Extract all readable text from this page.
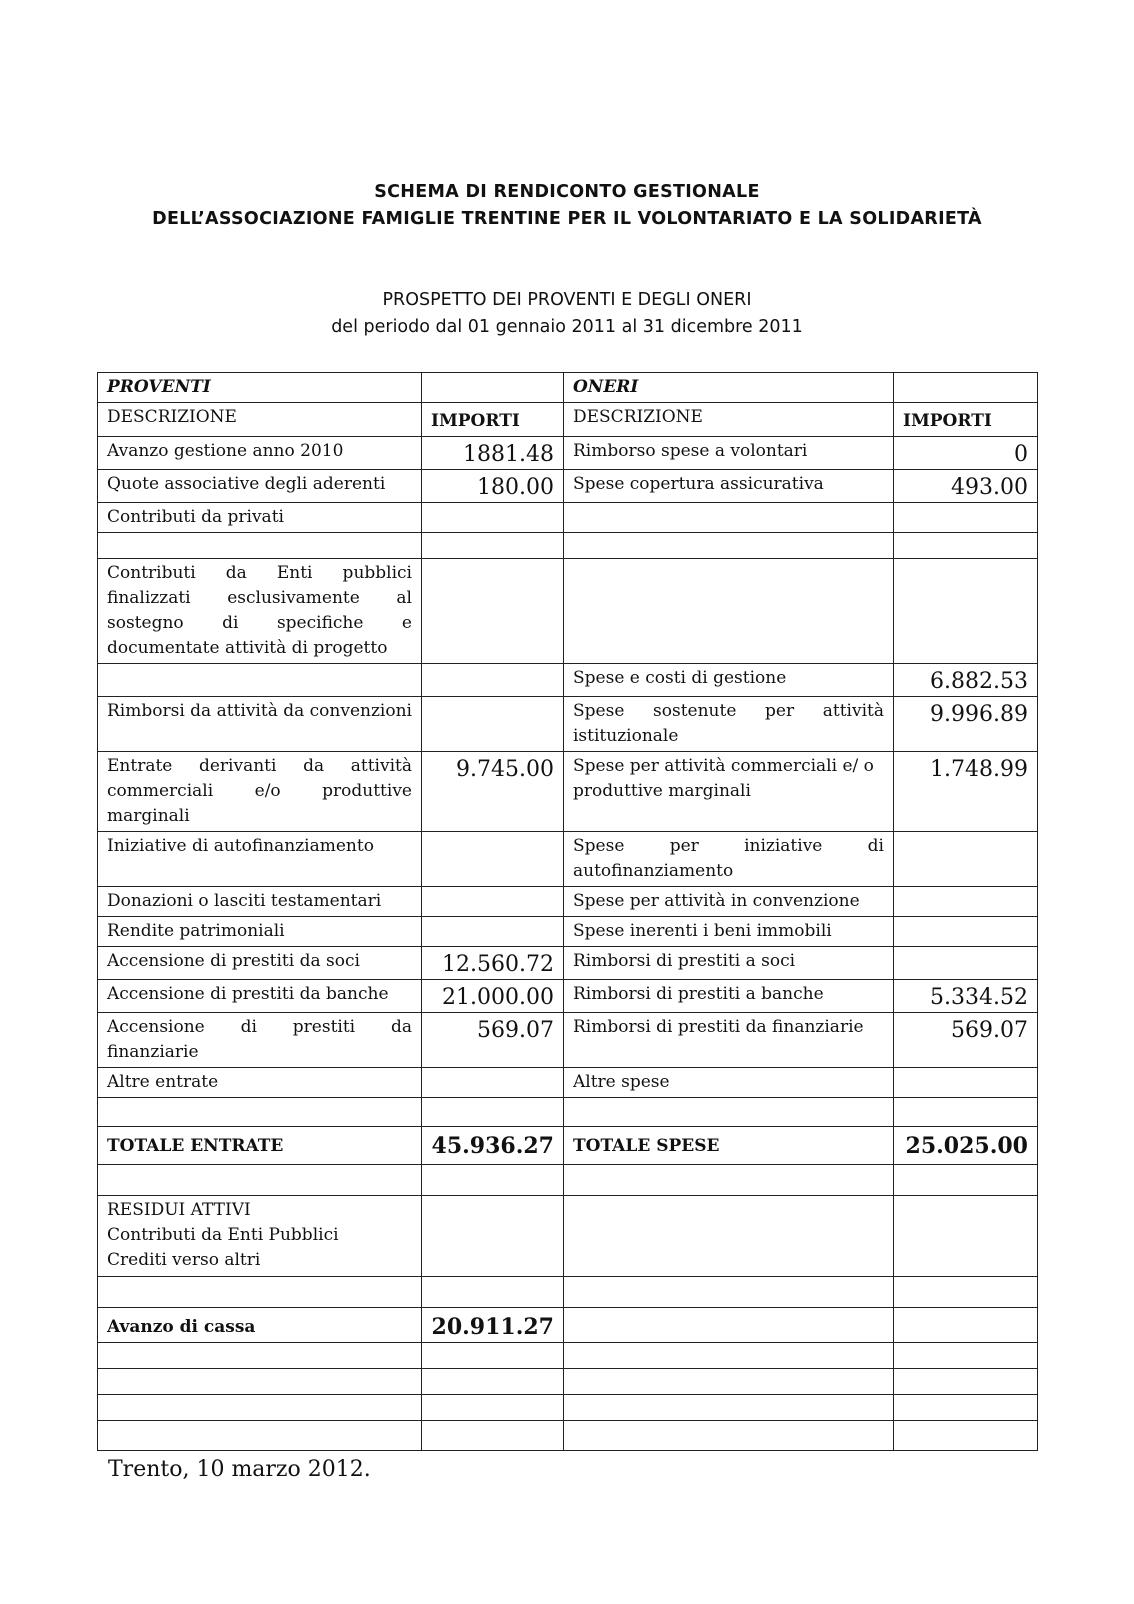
SCHEMA DI RENDICONTO GESTIONALE
DELL’ASSOCIAZIONE FAMIGLIE TRENTINE PER IL VOLONTARIATO E LA SOLIDARIETÀ
PROSPETTO DEI PROVENTI E DEGLI ONERI
del periodo dal 01 gennaio 2011 al 31 dicembre 2011
PROVENTI		ONERI	
DESCRIZIONE	IMPORTI	DESCRIZIONE	IMPORTI
Avanzo gestione anno 2010	1881.48	Rimborso spese a volontari	0
Quote associative degli aderenti	180.00	Spese copertura assicurativa	493.00
Contributi da privati			

Contributi da Enti pubblici finalizzati esclusivamente al sostegno di specifiche e documentate attività di progetto			
		Spese e costi di gestione	6.882.53
Rimborsi da attività da convenzioni		Spese sostenute per attività istituzionale	9.996.89
Entrate derivanti da attività commerciali e/o produttive marginali	9.745.00	Spese per attività commerciali e/ o produttive marginali	1.748.99
Iniziative di autofinanziamento		Spese per iniziative di autofinanziamento	
Donazioni o lasciti testamentari		Spese per attività in convenzione	
Rendite patrimoniali		Spese inerenti i beni immobili	
Accensione di prestiti da soci	12.560.72	Rimborsi di prestiti a soci	
Accensione di prestiti da banche	21.000.00	Rimborsi di prestiti a banche	5.334.52
Accensione di prestiti da finanziarie	569.07	Rimborsi di prestiti da finanziarie	569.07
Altre entrate		Altre spese	

TOTALE ENTRATE	45.936.27	TOTALE SPESE	25.025.00

RESIDUI ATTIVI
Contributi da Enti Pubblici
Crediti verso altri			

Avanzo di cassa	20.911.27		

Trento, 10 marzo 2012.
